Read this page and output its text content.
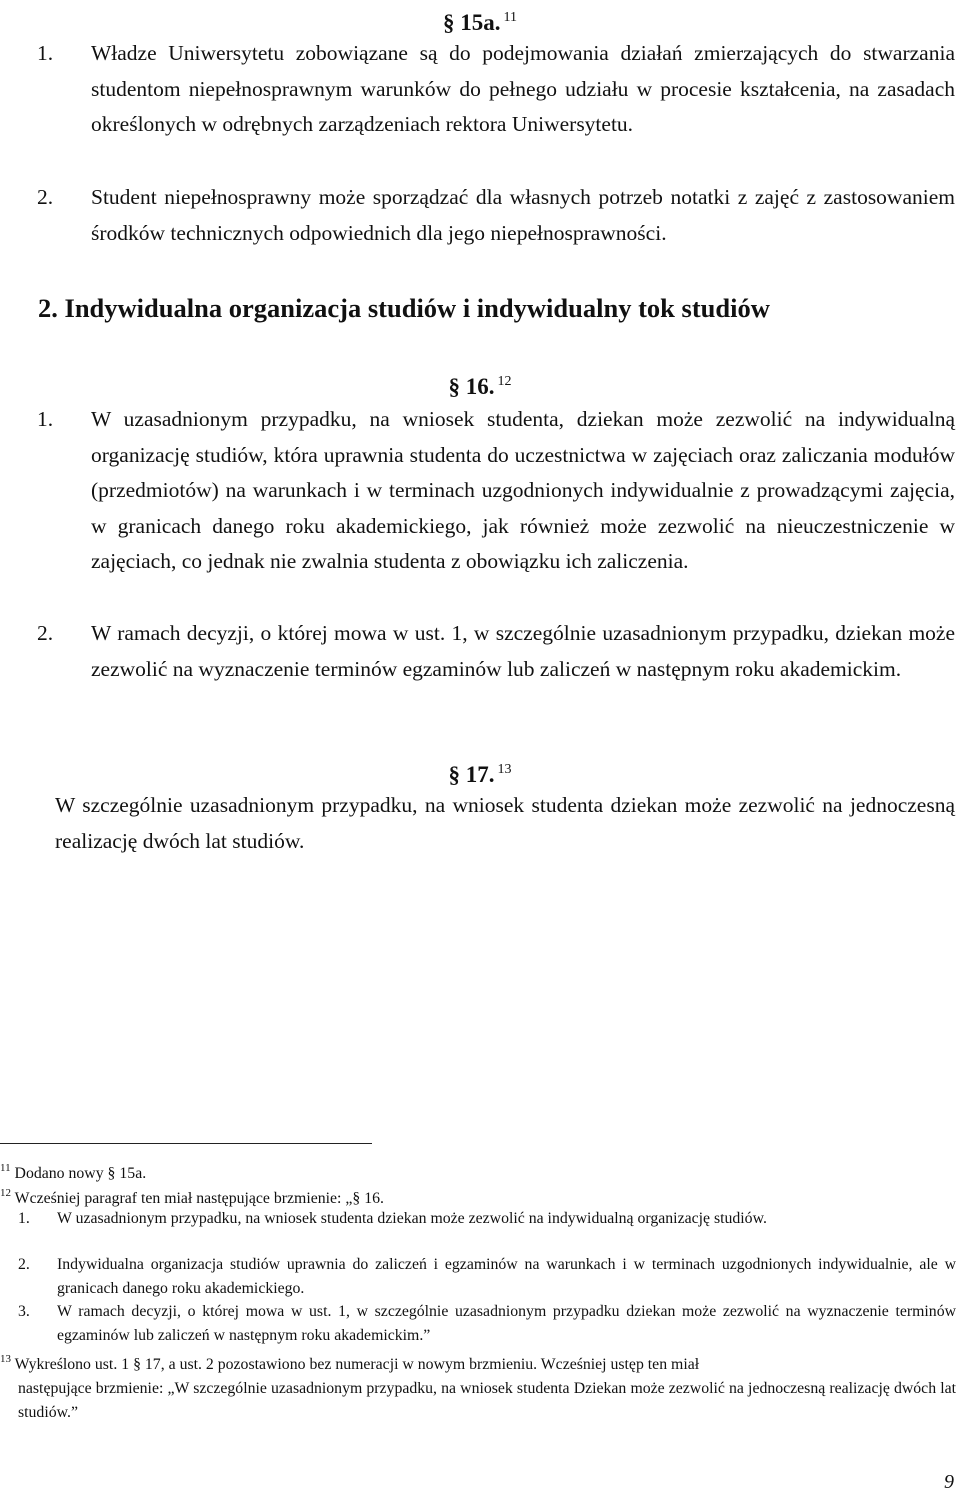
§ 15a. $^{11}$
1. Władze Uniwersytetu zobowiązane są do podejmowania działań zmierzających do stwarzania studentom niepełnosprawnym warunków do pełnego udziału w procesie kształcenia, na zasadach określonych w odrębnych zarządzeniach rektora Uniwersytetu.
2. Student niepełnosprawny może sporządzać dla własnych potrzeb notatki z zajęć z zastosowaniem środków technicznych odpowiednich dla jego niepełnosprawności.
2. Indywidualna organizacja studiów i indywidualny tok studiów
§ 16. $^{12}$
1. W uzasadnionym przypadku, na wniosek studenta, dziekan może zezwolić na indywidualną organizację studiów, która uprawnia studenta do uczestnictwa w zajęciach oraz zaliczania modułów (przedmiotów) na warunkach i w terminach uzgodnionych indywidualnie z prowadzącymi zajęcia, w granicach danego roku akademickiego, jak również może zezwolić na nieuczestniczenie w zajęciach, co jednak nie zwalnia studenta z obowiązku ich zaliczenia.
2. W ramach decyzji, o której mowa w ust. 1, w szczególnie uzasadnionym przypadku, dziekan może zezwolić na wyznaczenie terminów egzaminów lub zaliczeń w następnym roku akademickim.
§ 17. $^{13}$
W szczególnie uzasadnionym przypadku, na wniosek studenta dziekan może zezwolić na jednoczesną realizację dwóch lat studiów.
$^{11}$ Dodano nowy § 15a.
$^{12}$ Wcześniej paragraf ten miał następujące brzmienie: „§ 16.
1. W uzasadnionym przypadku, na wniosek studenta dziekan może zezwolić na indywidualną organizację studiów.
2. Indywidualna organizacja studiów uprawnia do zaliczeń i egzaminów na warunkach i w terminach uzgodnionych indywidualnie, ale w granicach danego roku akademickiego.
3. W ramach decyzji, o której mowa w ust. 1, w szczególnie uzasadnionym przypadku dziekan może zezwolić na wyznaczenie terminów egzaminów lub zaliczeń w następnym roku akademickim.”
$^{13}$ Wykreślono ust. 1 § 17, a ust. 2 pozostawiono bez numeracji w nowym brzmieniu. Wcześniej ustęp ten miał
następujące brzmienie: „W szczególnie uzasadnionym przypadku, na wniosek studenta Dziekan może zezwolić na jednoczesną realizację dwóch lat studiów.”
9
